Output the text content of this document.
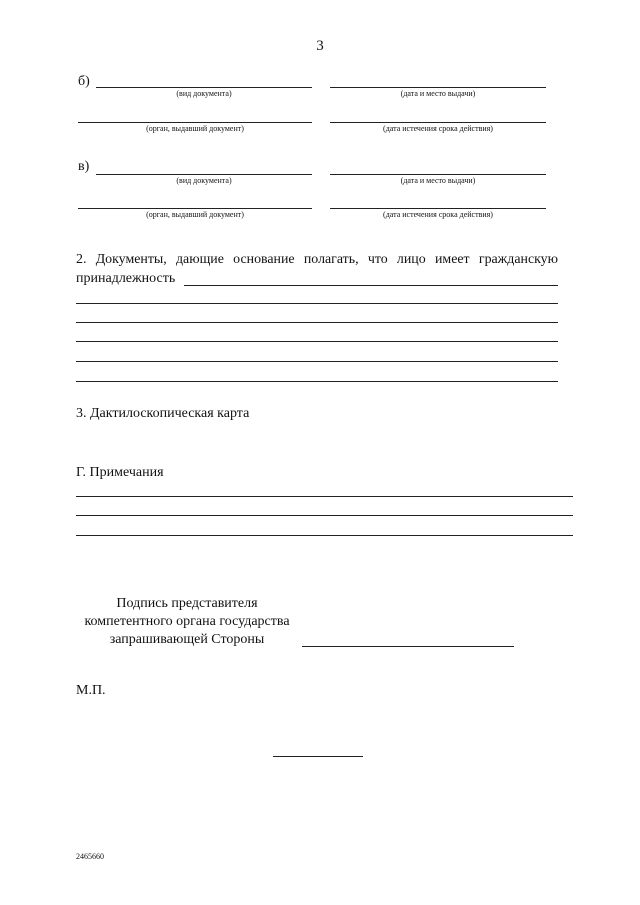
3
б)
(вид документа)	(дата и место выдачи)
(орган, выдавший документ)	(дата истечения срока действия)
в)
(вид документа)	(дата и место выдачи)
(орган, выдавший документ)	(дата истечения срока действия)
2. Документы, дающие основание полагать, что лицо имеет гражданскую
принадлежность
3. Дактилоскопическая карта
Г. Примечания
Подпись представителя
компетентного органа государства
запрашивающей Стороны
М.П.
2465660
